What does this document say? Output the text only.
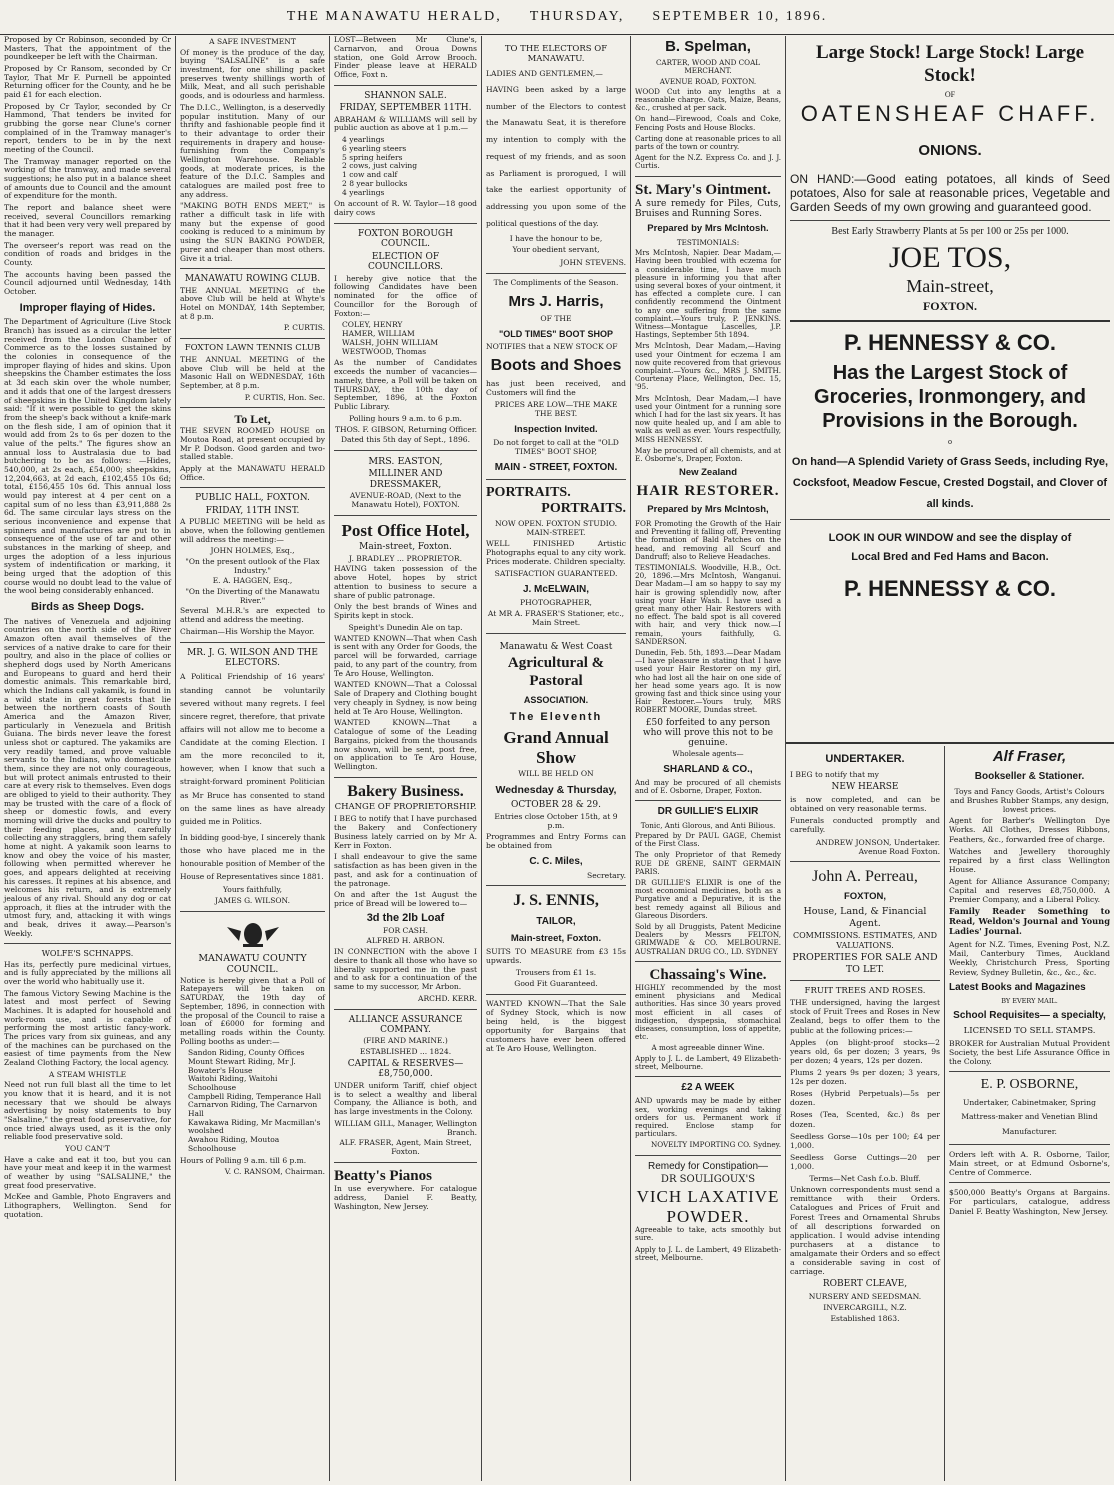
THE MANAWATU HERALD, THURSDAY, SEPTEMBER 10, 1896.

Proposed by Cr Robinson, seconded by Cr Masters, That the appointment of the poundkeeper be left with the Chairman.

Proposed by Cr Ransom, seconded by Cr Taylor, That Mr F. Purnell be appointed Returning officer for the County, and he be paid £1 for each election.

Proposed by Cr Taylor, seconded by Cr Hammond, That tenders be invited for grubbing the gorse near Clune's corner complained of in the Tramway manager's report, tenders to be in by the next meeting of the Council.

The Tramway manager reported on the working of the tramway, and made several suggestions; he also put in a balance sheet of amounts due to Council and the amount of expenditure for the month.

The report and balance sheet were received, several Councillors remarking that it had been very very well prepared by the manager.

The overseer's report was read on the condition of roads and bridges in the County.

The accounts having been passed the Council adjourned until Wednesday, 14th October.

Improper flaying of Hides.

The Department of Agriculture (Live Stock Branch) has issued as a circular the letter received from the London Chamber of Commerce as to the losses sustained by the colonies in consequence of the improper flaying of hides and skins. Upon sheepskins the Chamber estimates the loss at 3d each skin over the whole number, and it adds that one of the largest dressers of sheepskins in the United Kingdom lately said: "If it were possible to get the skins from the sheep's back without a knife-mark on the flesh side, I am of opinion that it would add from 2s to 6s per dozen to the value of the pelts." The figures show an annual loss to Australasia due to bad butchering to be as follows: —Hides, 540,000, at 2s each, £54,000; sheepskins, 12,204,663, at 2d each, £102,455 10s 6d; total, £156,455 10s 6d. This annual loss would pay interest at 4 per cent on a capital sum of no less than £3,911,888 2s 6d. The same circular lays stress on the serious inconvenience and expense that spinners and manufactures are put to in consequence of the use of tar and other substances in the marking of sheep, and urges the adoption of a less injurious system of indentification or marking, it being urged that the adoption of this course would no doubt lead to the value of the wool being considerably enhanced.

Birds as Sheep Dogs.

The natives of Venezuela and adjoining countries on the north side of the River Amazon often avail themselves of the services of a native drake to care for their poultry, and also in the place of collies or shepherd dogs used by North Americans and Europeans to guard and herd their domestic animals. This remarkable bird, which the Indians call yakamik, is found in a wild state in great forests that lie between the northern coasts of South America and the Amazon River, particularly in Venezuela and British Guiana. The birds never leave the forest unless shot or captured. The yakamiks are very readily tamed, and prove valuable servants to the Indians, who domesticate them, since they are not only courageous, but will protect animals entrusted to their care at every risk to themselves. Even dogs are obliged to yield to their authority. They may be trusted with the care of a flock of sheep or domestic fowls, and every morning will drive the ducks and poultry to their feeding places, and, carefully collecting any stragglers, bring them safely home at night. A yakamik soon learns to know and obey the voice of his master, following when permitted wherever he goes, and appears delighted at receiving his caresses. It repines at his absence, and welcomes his return, and is extremely jealous of any rival. Should any dog or cat approach, it flies at the intruder with the utmost fury, and, attacking it with wings and beak, drives it away.—Pearson's Weekly.

WOLFE'S SCHNAPPS.

Has its, perfectly pure medicinal virtues, and is fully appreciated by the millions all over the world who habitually use it.

The famous Victory Sewing Machine is the latest and most perfect of Sewing Machines. It is adapted for household and work-room use, and is capable of performing the most artistic fancy-work. The prices vary from six guineas, and any of the machines can be purchased on the easiest of time payments from the New Zealand Clothing Factory, the local agency.

A STEAM WHISTLE

Need not run full blast all the time to let you know that it is heard, and it is not necessary that we should be always advertising by noisy statements to buy "Salsaline," the great food preservative, for once tried always used, as it is the only reliable food preservative sold.

YOU CAN'T

Have a cake and eat it too, but you can have your meat and keep it in the warmest of weather by using "SALSALINE," the great food preservative.

McKee and Gamble, Photo Engravers and Lithographers, Wellington. Send for quotation.

A SAFE INVESTMENT

Of money is the produce of the day, buying "SALSALINE" is a safe investment, for one shilling packet preserves twenty shillings worth of Milk, Meat, and all such perishable goods, and is odourless and harmless.

The D.I.C., Wellington, is a deservedly popular institution. Many of our thrifty and fashionable people find it to their advantage to order their requirements in drapery and house-furnishing from the Company's Wellington Warehouse. Reliable goods, at moderate prices, is the feature of the D.I.C. Samples and catalogues are mailed post free to any address.

"MAKING BOTH ENDS MEET," is rather a difficult task in life with many but the expense of good cooking is reduced to a minimum by using the SUN BAKING POWDER, purer and cheaper than most others. Give it a trial.

MANAWATU ROWING CLUB.

THE ANNUAL MEETING of the above Club will be held at Whyte's Hotel on MONDAY, 14th September, at 8 p.m.

P. CURTIS.
FOXTON LAWN TENNIS CLUB

THE ANNUAL MEETING of the above Club will be held at the Masonic Hall on WEDNESDAY, 16th September, at 8 p.m.

P. CURTIS, Hon. Sec.
To Let,

THE SEVEN ROOMED HOUSE on Moutoa Road, at present occupied by Mr P. Dodson. Good garden and two-stalled stable.

Apply at the MANAWATU HERALD Office.

PUBLIC HALL, FOXTON.
FRIDAY, 11TH INST.

A PUBLIC MEETING will be held as above, when the following gentlemen will address the meeting:—

JOHN HOLMES, Esq.,
"On the present outlook of the Flax Industry."
E. A. HAGGEN, Esq.,
"On the Diverting of the Manawatu River."

Several M.H.R.'s are expected to attend and address the meeting.

Chairman—His Worship the Mayor.

MR. J. G. WILSON AND THE ELECTORS.

A Political Friendship of 16 years' standing cannot be voluntarily severed without many regrets. I feel sincere regret, therefore, that private affairs will not allow me to become a Candidate at the coming Election. I am the more reconciled to it, however, when I know that such a straight-forward prominent Politician as Mr Bruce has consented to stand on the same lines as have already guided me in Politics.

In bidding good-bye, I sincerely thank those who have placed me in the honourable position of Member of the House of Representatives since 1881.

Yours faithfully,
JAMES G. WILSON.
MANAWATU COUNTY COUNCIL.

Notice is hereby given that a Poll of Ratepayers will be taken on SATURDAY, the 19th day of September, 1896, in connection with the proposal of the Council to raise a loan of £6000 for forming and metalling roads within the County. Polling booths as under:—

Sandon Riding, County Offices
Mount Stewart Riding, Mr J. Bowater's House
Waitohi Riding, Waitohi Schoolhouse
Campbell Riding, Temperance Hall
Carnarvon Riding, The Carnarvon Hall
Kawakawa Riding, Mr Macmillan's woolshed
Awahou Riding, Moutoa Schoolhouse

Hours of Polling 9 a.m. till 6 p.m.

V. C. RANSOM, Chairman.

LOST—Between Mr Clune's, Carnarvon, and Oroua Downs station, one Gold Arrow Brooch. Finder please leave at HERALD Office, Foxt n.

SHANNON SALE.
FRIDAY, SEPTEMBER 11TH.

ABRAHAM & WILLIAMS will sell by public auction as above at 1 p.m.—

4 yearlings
6 yearling steers
5 spring heifers
2 cows, just calving
1 cow and calf
2 8 year bullocks
4 yearlings

On account of R. W. Taylor—18 good dairy cows

FOXTON BOROUGH COUNCIL.
ELECTION OF COUNCILLORS.

I hereby give notice that the following Candidates have been nominated for the office of Councillor for the Borough of Foxton:—

COLEY, HENRY
HAMER, WILLIAM
WALSH, JOHN WILLIAM
WESTWOOD, Thomas

As the number of Candidates exceeds the number of vacancies—namely, three, a Poll will be taken on THURSDAY, the 10th day of September, 1896, at the Foxton Public Library.

Polling hours 9 a.m. to 6 p.m.
THOS. F. GIBSON, Returning Officer.
Dated this 5th day of Sept., 1896.
MRS. EASTON,
MILLINER AND DRESSMAKER,
AVENUE-ROAD, (Next to the Manawatu Hotel), FOXTON.
Post Office Hotel,
Main-street, Foxton.
J. BRADLEY ... PROPRIETOR.

HAVING taken possession of the above Hotel, hopes by strict attention to business to secure a share of public patronage.

Only the best brands of Wines and Spirits kept in stock.

Speight's Dunedin Ale on tap.

WANTED KNOWN—That when Cash is sent with any Order for Goods, the parcel will be forwarded, carriage paid, to any part of the country, from Te Aro House, Wellington.

WANTED KNOWN—That a Colossal Sale of Drapery and Clothing bought very cheaply in Sydney, is now being held at Te Aro House, Wellington.

WANTED KNOWN—That a Catalogue of some of the Leading Bargains, picked from the thousands now shown, will be sent, post free, on application to Te Aro House, Wellington.

Bakery Business.
CHANGE OF PROPRIETORSHIP.

I BEG to notify that I have purchased the Bakery and Confectionery Business lately carried on by Mr A. Kerr in Foxton.

I shall endeavour to give the same satisfaction as has been given in the past, and ask for a continuation of the patronage.

On and after the 1st August the price of Bread will be lowered to—

3d the 2lb Loaf
FOR CASH.
ALFRED H. ARBON.

IN CONNECTION with the above I desire to thank all those who have so liberally supported me in the past and to ask for a continuation of the same to my successor, Mr Arbon.

ARCHD. KERR.
ALLIANCE ASSURANCE COMPANY.
(FIRE AND MARINE.)
ESTABLISHED ... 1824.
CAPITAL & RESERVES—£8,750,000.

UNDER uniform Tariff, chief object is to select a wealthy and liberal Company, the Alliance is both, and has large investments in the Colony.

WILLIAM GILL, Manager, Wellington Branch.
ALF. FRASER, Agent, Main Street, Foxton.
Beatty's Pianos

In use everywhere. For catalogue address, Daniel F. Beatty, Washington, New Jersey.

TO THE ELECTORS OF MANAWATU.

LADIES AND GENTLEMEN,—

HAVING been asked by a large number of the Electors to contest the Manawatu Seat, it is therefore my intention to comply with the request of my friends, and as soon as Parliament is prorogued, I will take the earliest opportunity of addressing you upon some of the political questions of the day.

I have the honour to be,
Your obedient servant,
JOHN STEVENS.
The Compliments of the Season.
Mrs J. Harris,
OF THE
"OLD TIMES" BOOT SHOP

NOTIFIES that a NEW STOCK OF

Boots and Shoes

has just been received, and Customers will find the

PRICES ARE LOW—THE MAKE THE BEST.
Inspection Invited.
Do not forget to call at the "OLD TIMES" BOOT SHOP,
MAIN - STREET, FOXTON.
PORTRAITS.
PORTRAITS.
NOW OPEN. FOXTON STUDIO. MAIN-STREET.

WELL FINISHED Artistic Photographs equal to any city work. Prices moderate. Children specialty.

SATISFACTION GUARANTEED.
J. McELWAIN,
PHOTOGRAPHER,
At MR A. FRASER'S Stationer, etc., Main Street.
Manawatu & West Coast
Agricultural & Pastoral
ASSOCIATION.
The Eleventh
Grand Annual Show
WILL BE HELD ON
Wednesday & Thursday,
OCTOBER 28 & 29.
Entries close October 15th, at 9 p.m.

Programmes and Entry Forms can be obtained from

C. C. Miles,
Secretary.
J. S. ENNIS,
TAILOR,
Main-street, Foxton.

SUITS TO MEASURE from £3 15s upwards.

Trousers from £1 1s.
Good Fit Guaranteed.

WANTED KNOWN—That the Sale of Sydney Stock, which is now being held, is the biggest opportunity for Bargains that customers have ever been offered at Te Aro House, Wellington.

B. Spelman,
CARTER, WOOD AND COAL MERCHANT.
AVENUE ROAD, FOXTON.

WOOD Cut into any lengths at a reasonable charge. Oats, Maize, Beans, &c., crushed at per sack.

On hand—Firewood, Coals and Coke, Fencing Posts and House Blocks.

Carting done at reasonable prices to all parts of the town or country.

Agent for the N.Z. Express Co. and J. J. Curtis.

St. Mary's Ointment.

A sure remedy for Piles, Cuts, Bruises and Running Sores.

Prepared by Mrs McIntosh.
TESTIMONIALS:

Mrs McIntosh, Napier. Dear Madam,—Having been troubled with eczema for a considerable time, I have much pleasure in informing you that after using several boxes of your ointment, it has effected a complete cure. I can confidently recommend the Ointment to any one suffering from the same complaint.—Yours truly, P. JENKINS. Witness—Montague Lascelles, J.P. Hastings, September 5th 1894.

Mrs McIntosh, Dear Madam,—Having used your Ointment for eczema I am now quite recovered from that grievous complaint.—Yours &c., MRS J. SMITH. Courtenay Place, Wellington, Dec. 15, '95.

Mrs McIntosh, Dear Madam,—I have used your Ointment for a running sore which I had for the last six years. It has now quite healed up, and I am able to walk as well as ever. Yours respectfully, MISS HENNESSY.

May be procured of all chemists, and at E. Osborne's, Draper, Foxton.

New Zealand
HAIR RESTORER.
Prepared by Mrs McIntosh,

FOR Promoting the Growth of the Hair and Preventing it falling off, Preventing the formation of Bald Patches on the head, and removing all Scurf and Dandruff; also to Relieve Headaches.

TESTIMONIALS. Woodville, H.B., Oct. 20, 1896.—Mrs McIntosh, Wanganui. Dear Madam—I am so happy to say my hair is growing splendidly now, after using your Hair Wash. I have used a great many other Hair Restorers with no effect. The bald spot is all covered with hair, and very thick now.—I remain, yours faithfully, G. SANDERSON.

Dunedin, Feb. 5th, 1893.—Dear Madam—I have pleasure in stating that I have used your Hair Restorer on my girl, who had lost all the hair on one side of her head some years ago. It is now growing fast and thick since using your Hair Restorer.—Yours truly, MRS ROBERT MOORE, Dundas street.

£50 forfeited to any person who will prove this not to be genuine.

Wholesale agents—
SHARLAND & CO.,

And may be procured of all chemists and of E. Osborne, Draper, Foxton.

DR GUILLIE'S ELIXIR
Tonic, Anti Glorous, and Anti Bilious.

Prepared by Dr PAUL GAGE, Chemist of the First Class.

The only Proprietor of that Remedy RUE DE GRENE, SAINT GERMAIN PARIS.

DR GUILLIE'S ELIXIR is one of the most economical medicines, both as a Purgative and a Depurative, it is the best remedy against all Bilious and Glareous Disorders.

Sold by all Druggists, Patent Medicine Dealers by Messrs FELTON, GRIMWADE & CO. MELBOURNE. AUSTRALIAN DRUG CO., LD. SYDNEY

Chassaing's Wine.

HIGHLY recommended by the most eminent physicians and Medical authorities. Has since 30 years proved most efficient in all cases of indigestion, dyspepsia, stomachical diseases, consumption, loss of appetite, etc.

A most agreeable dinner Wine.

Apply to J. L. de Lambert, 49 Elizabeth-street, Melbourne.

£2 A WEEK

AND upwards may be made by either sex, working evenings and taking orders for us. Permanent work if required. Enclose stamp for particulars.

NOVELTY IMPORTING CO. Sydney.
Remedy for Constipation—
DR SOULIGOUX'S
VICH LAXATIVE POWDER.

Agreeable to take, acts smoothly but sure.

Apply to J. L. de Lambert, 49 Elizabeth-street, Melbourne.

Large Stock! Large Stock! Large Stock!
OF
OATENSHEAF CHAFF.
ONIONS.

ON HAND:—Good eating potatoes, all kinds of Seed potatoes, Also for sale at reasonable prices, Vegetable and Garden Seeds of my own growing and guaranteed good.

Best Early Strawberry Plants at 5s per 100 or 25s per 1000.

JOE TOS,
Main-street,
FOXTON.
P. HENNESSY & CO.
Has the Largest Stock of Groceries, Ironmongery, and Provisions in the Borough.
o

On hand—A Splendid Variety of Grass Seeds, including Rye, Cocksfoot, Meadow Fescue, Crested Dogstail, and Clover of all kinds.

LOOK IN OUR WINDOW and see the display of
Local Bred and Fed Hams and Bacon.
P. HENNESSY & CO.
UNDERTAKER.

I BEG to notify that my

NEW HEARSE

is now completed, and can be obtained on very reasonable terms.

Funerals conducted promptly and carefully.

ANDREW JONSON, Undertaker. Avenue Road Foxton.
John A. Perreau,
FOXTON,
House, Land, & Financial Agent.
COMMISSIONS. ESTIMATES, AND VALUATIONS.
PROPERTIES FOR SALE AND TO LET.
FRUIT TREES AND ROSES.

THE undersigned, having the largest stock of Fruit Trees and Roses in New Zealand, begs to offer them to the public at the following prices:—

Apples (on blight-proof stocks—2 years old, 6s per dozen; 3 years, 9s per dozen; 4 years, 12s per dozen.

Plums 2 years 9s per dozen; 3 years, 12s per dozen.

Roses (Hybrid Perpetuals)—5s per dozen.

Roses (Tea, Scented, &c.) 8s per dozen.

Seedless Gorse—10s per 100; £4 per 1,000.

Seedless Gorse Cuttings—20 per 1,000.

Terms—Net Cash f.o.b. Bluff.

Unknown correspondents must send a remittance with their Orders. Catalogues and Prices of Fruit and Forest Trees and Ornamental Shrubs of all descriptions forwarded on application. I would advise intending purchasers at a distance to amalgamate their Orders and so effect a considerable saving in cost of carriage.

ROBERT CLEAVE,
NURSERY AND SEEDSMAN.
INVERCARGILL, N.Z.
Established 1863.
Alf Fraser,
Bookseller & Stationer.

Toys and Fancy Goods, Artist's Colours and Brushes Rubber Stamps, any design, lowest prices.

Agent for Barber's Wellington Dye Works. All Clothes, Dresses Ribbons, Feathers, &c., forwarded free of charge.

Watches and Jewellery thoroughly repaired by a first class Wellington House.

Agent for Alliance Assurance Company; Capital and reserves £8,750,000. A Premier Company, and a Liberal Policy.

Family Reader Something to Read, Weldon's Journal and Young Ladies' Journal.

Agent for N.Z. Times, Evening Post, N.Z. Mail, Canterbury Times, Auckland Weekly, Christchurch Press, Sporting Review, Sydney Bulletin, &c., &c., &c.

Latest Books and Magazines
BY EVERY MAIL.
School Requisites— a specialty,
LICENSED TO SELL STAMPS.

BROKER for Australian Mutual Provident Society, the best Life Assurance Office in the Colony.

E. P. OSBORNE,

Undertaker, Cabinetmaker, Spring Mattress-maker and Venetian Blind Manufacturer.

Orders left with A. R. Osborne, Tailor, Main street, or at Edmund Osborne's, Centre of Commerce.

$500,000 Beatty's Organs at Bargains. For particulars, catalogue, address Daniel F. Beatty Washington, New Jersey.
